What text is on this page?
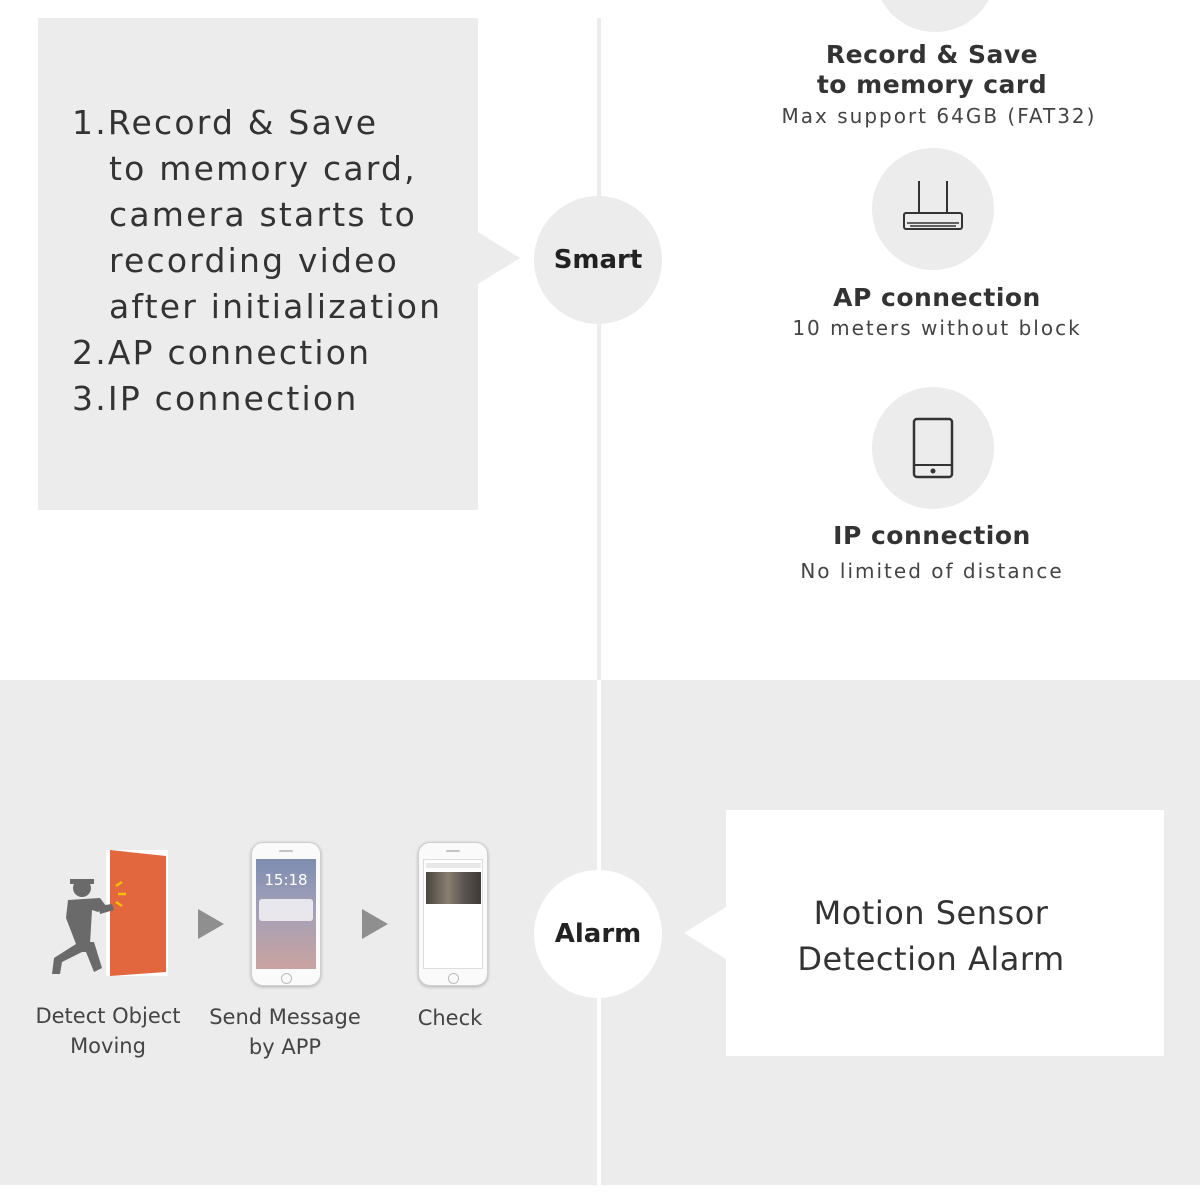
1.Record & Save
to memory card,
camera starts to
recording video
after initialization
2.AP connection
3.IP connection
Smart
Record & Save
to memory card
Max support 64GB (FAT32)
AP connection
10 meters without block
IP connection
No limited of distance
15:18
Detect Object
Moving
Send Message
by APP
Check
Alarm
Motion Sensor
Detection Alarm
